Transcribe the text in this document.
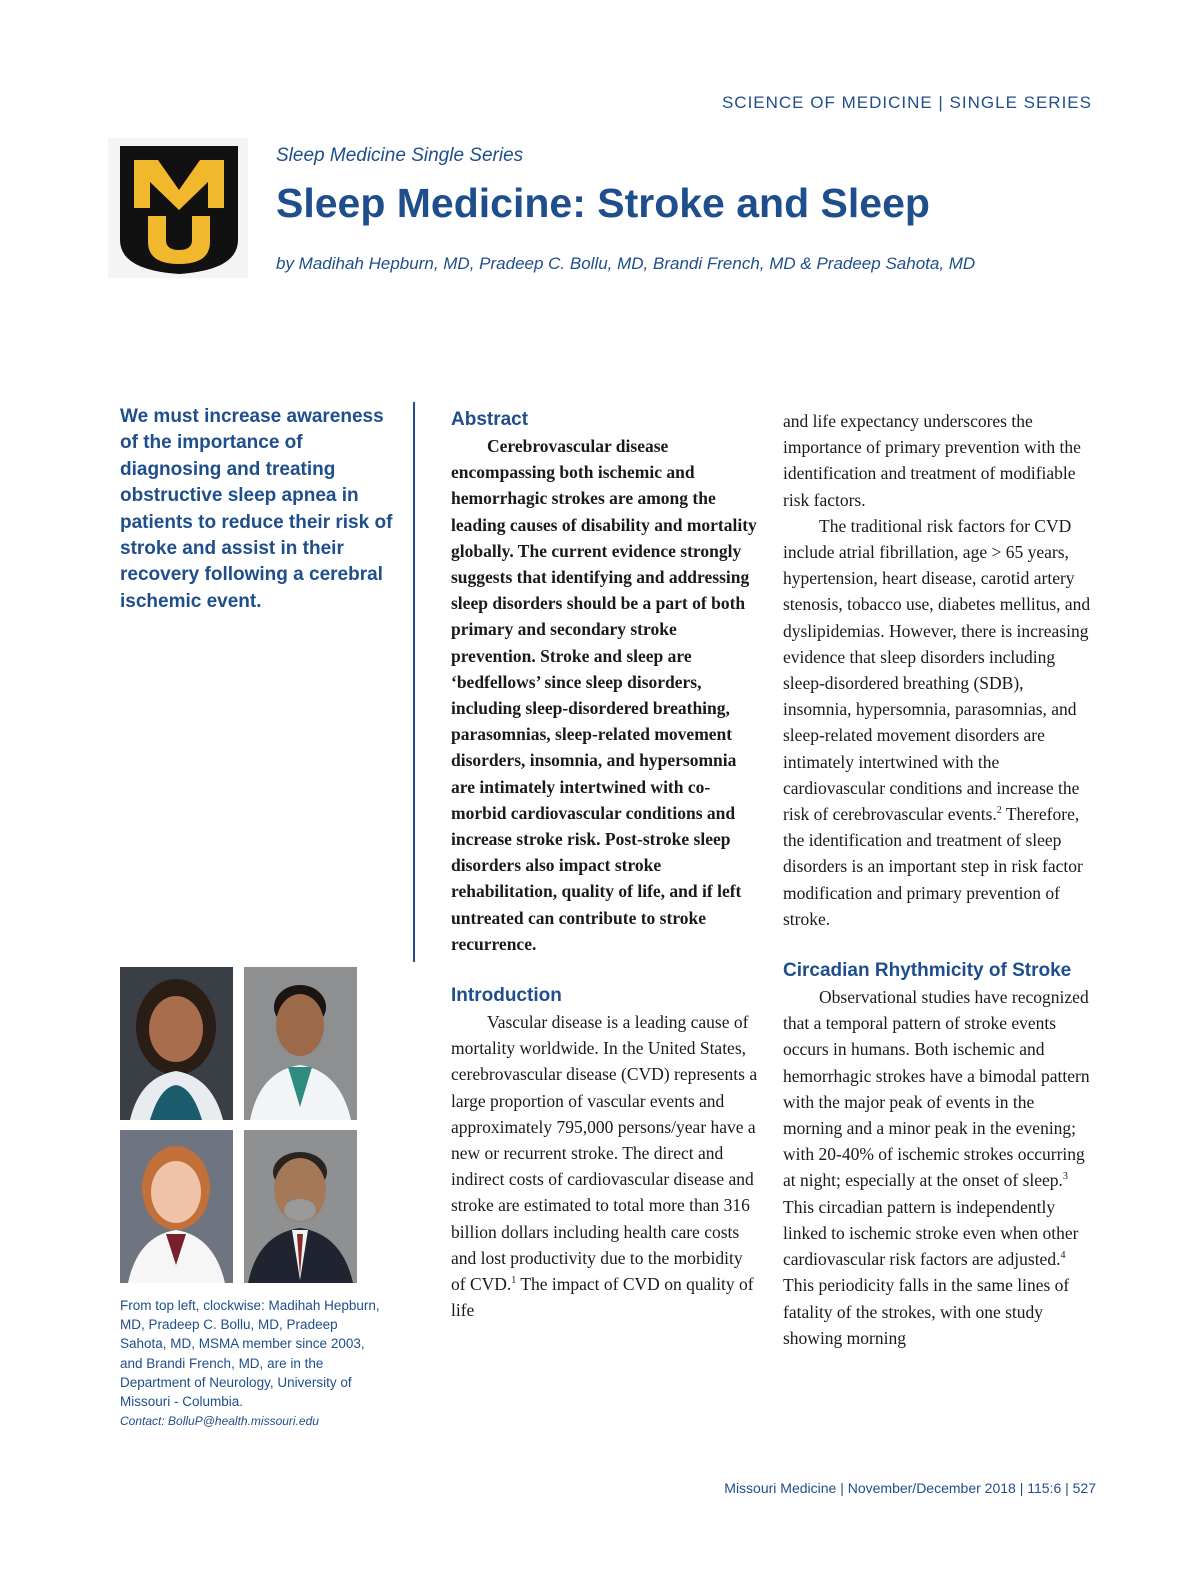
SCIENCE OF MEDICINE | SINGLE SERIES
Sleep Medicine Single Series
Sleep Medicine: Stroke and Sleep
by Madihah Hepburn, MD, Pradeep C. Bollu, MD, Brandi French, MD & Pradeep Sahota, MD

We must increase awareness of the importance of diagnosing and treating obstructive sleep apnea in patients to reduce their risk of stroke and assist in their recovery following a cerebral ischemic event.

From top left, clockwise: Madihah Hepburn, MD, Pradeep C. Bollu, MD, Pradeep Sahota, MD, MSMA member since 2003, and Brandi French, MD, are in the Department of Neurology, University of Missouri - Columbia.
Contact: BolluP@health.missouri.edu
Abstract

Cerebrovascular disease encompassing both ischemic and hemorrhagic strokes are among the leading causes of disability and mortality globally. The current evidence strongly suggests that identifying and addressing sleep disorders should be a part of both primary and secondary stroke prevention. Stroke and sleep are ‘bedfellows’ since sleep disorders, including sleep-disordered breathing, parasomnias, sleep-related movement disorders, insomnia, and hypersomnia are intimately intertwined with co-morbid cardiovascular conditions and increase stroke risk. Post-stroke sleep disorders also impact stroke rehabilitation, quality of life, and if left untreated can contribute to stroke recurrence.

Introduction

Vascular disease is a leading cause of mortality worldwide. In the United States, cerebrovascular disease (CVD) represents a large proportion of vascular events and approximately 795,000 persons/year have a new or recurrent stroke. The direct and indirect costs of cardiovascular disease and stroke are estimated to total more than 316 billion dollars including health care costs and lost productivity due to the morbidity of CVD.$^1$ The impact of CVD on quality of life

and life expectancy underscores the importance of primary prevention with the identification and treatment of modifiable risk factors.

The traditional risk factors for CVD include atrial fibrillation, age > 65 years, hypertension, heart disease, carotid artery stenosis, tobacco use, diabetes mellitus, and dyslipidemias. However, there is increasing evidence that sleep disorders including sleep-disordered breathing (SDB), insomnia, hypersomnia, parasomnias, and sleep-related movement disorders are intimately intertwined with the cardiovascular conditions and increase the risk of cerebrovascular events.$^2$ Therefore, the identification and treatment of sleep disorders is an important step in risk factor modification and primary prevention of stroke.

Circadian Rhythmicity of Stroke

Observational studies have recognized that a temporal pattern of stroke events occurs in humans. Both ischemic and hemorrhagic strokes have a bimodal pattern with the major peak of events in the morning and a minor peak in the evening; with 20-40% of ischemic strokes occurring at night; especially at the onset of sleep.$^3$ This circadian pattern is independently linked to ischemic stroke even when other cardiovascular risk factors are adjusted.$^4$ This periodicity falls in the same lines of fatality of the strokes, with one study showing morning

Missouri Medicine | November/December 2018 | 115:6 | 527
